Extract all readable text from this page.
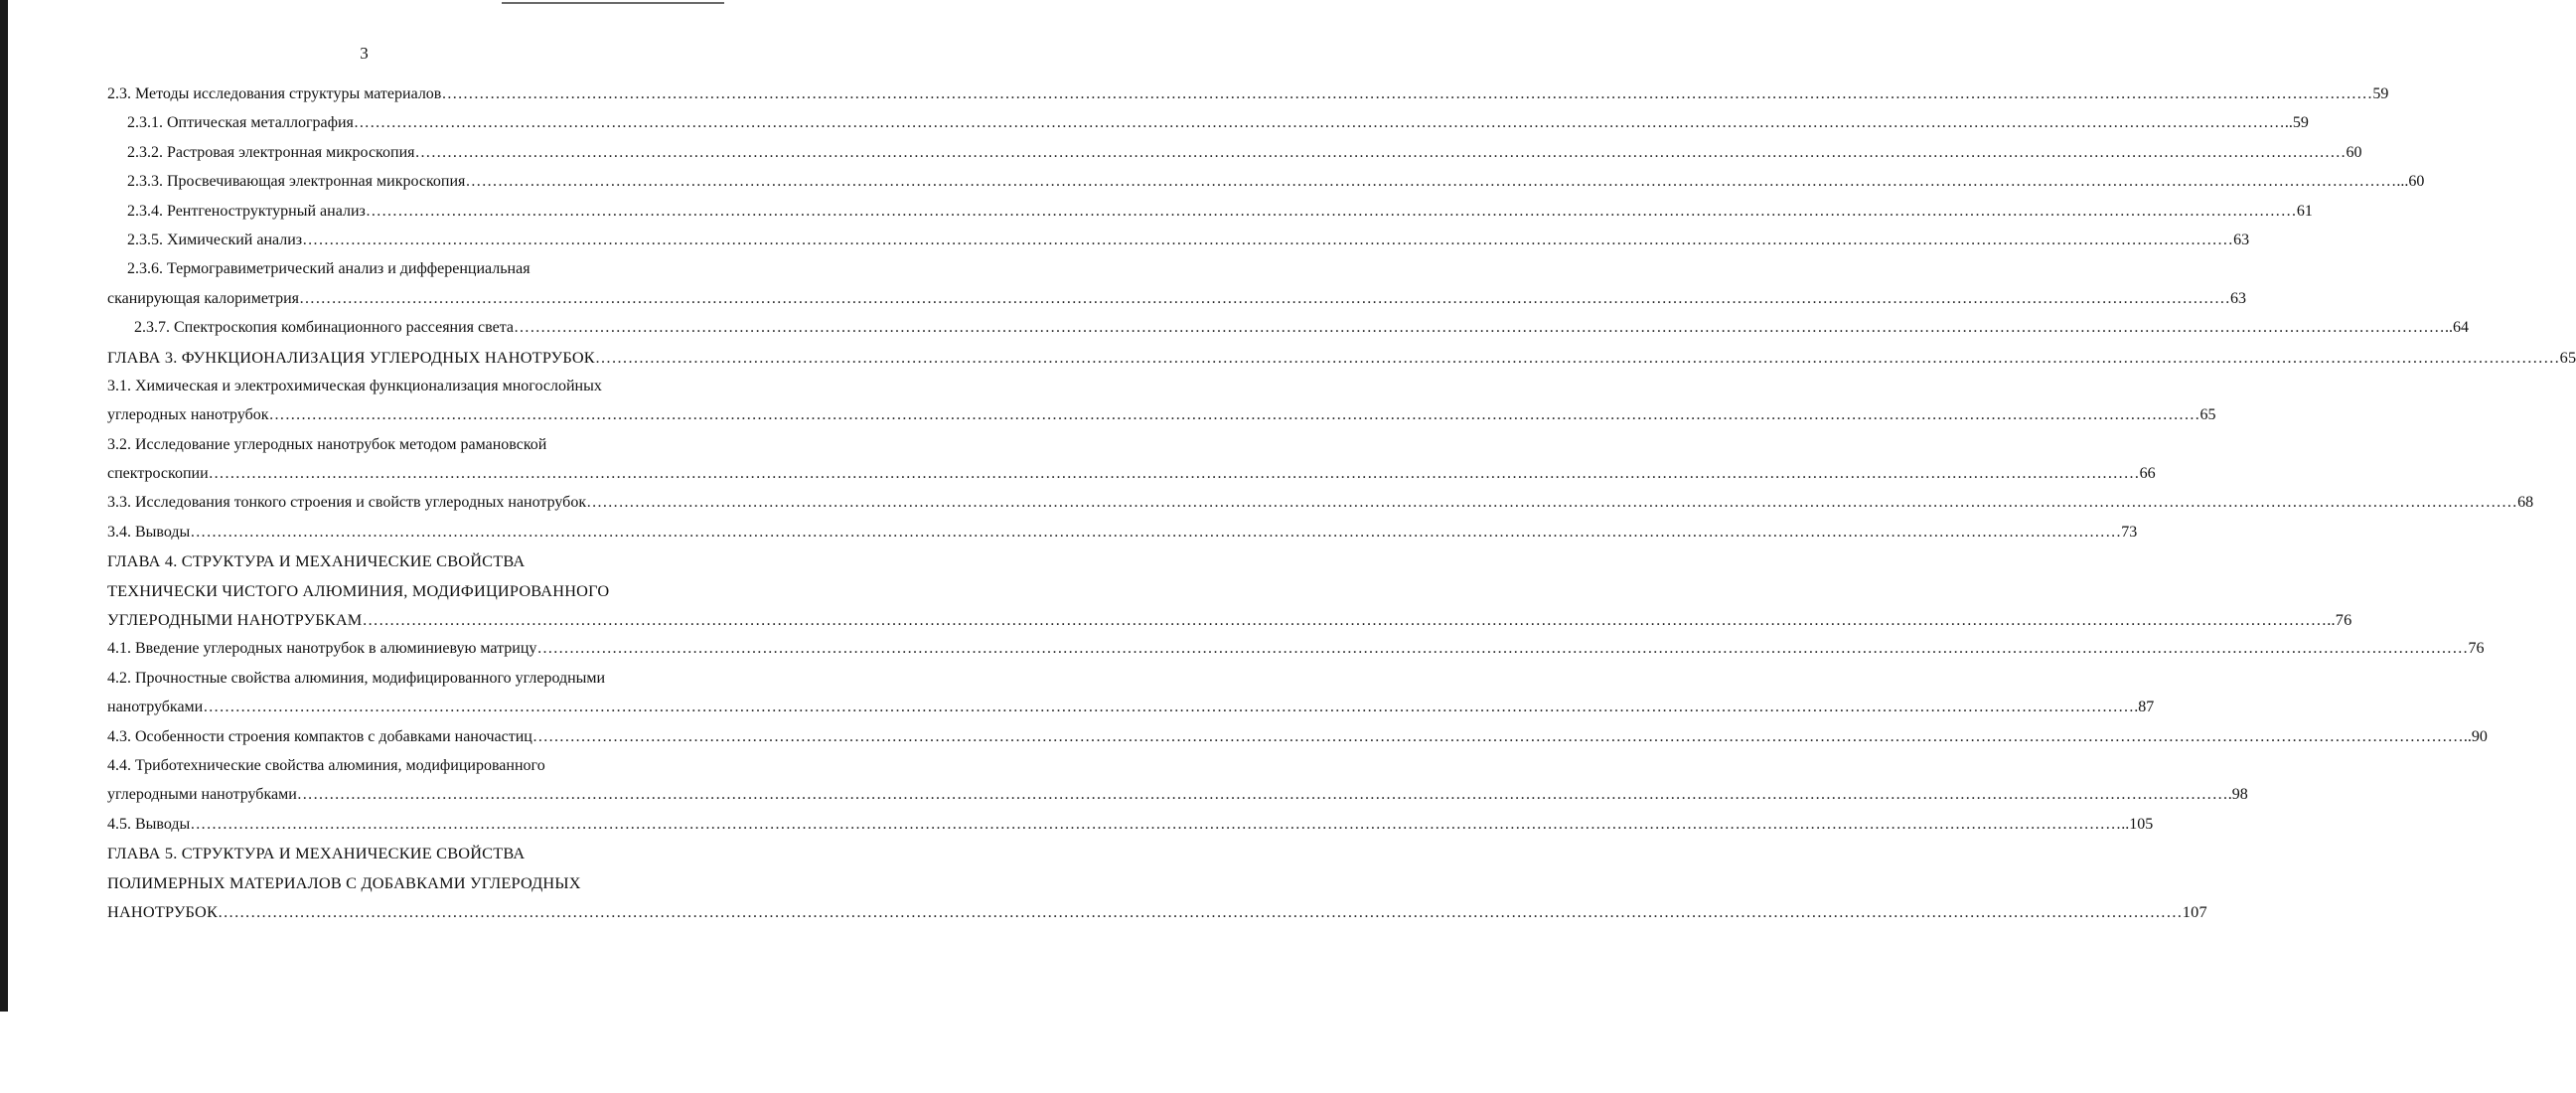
3
2.3. Методы исследования структуры материалов ……………………………………………………………………………………………………………………………………………………………………………………………………………………………………………………………………………………………………………………………… 59
2.3.1. Оптическая металлография ……………………………………………………………………………………………………………………………………………………………………………………………………………………………………………………………………………………………………………………………… ..59
2.3.2. Растровая электронная микроскопия ……………………………………………………………………………………………………………………………………………………………………………………………………………………………………………………………………………………………………………………………… 60
2.3.3. Просвечивающая электронная микроскопия ……………………………………………………………………………………………………………………………………………………………………………………………………………………………………………………………………………………………………………………………… ...60
2.3.4. Рентгеноструктурный анализ ……………………………………………………………………………………………………………………………………………………………………………………………………………………………………………………………………………………………………………………………… 61
2.3.5. Химический анализ ……………………………………………………………………………………………………………………………………………………………………………………………………………………………………………………………………………………………………………………………… 63
2.3.6. Термогравиметрический анализ и дифференциальная
сканирующая калориметрия ……………………………………………………………………………………………………………………………………………………………………………………………………………………………………………………………………………………………………………………………… 63
2.3.7. Спектроскопия комбинационного рассеяния света ……………………………………………………………………………………………………………………………………………………………………………………………………………………………………………………………………………………………………………………………… ..64
ГЛАВА 3. ФУНКЦИОНАЛИЗАЦИЯ УГЛЕРОДНЫХ НАНОТРУБОК ……………………………………………………………………………………………………………………………………………………………………………………………………………………………………………………………………………………………………………………………… 65
3.1. Химическая и электрохимическая функционализация многослойных
углеродных нанотрубок ……………………………………………………………………………………………………………………………………………………………………………………………………………………………………………………………………………………………………………………………… 65
3.2. Исследование углеродных нанотрубок методом рамановской
спектроскопии ……………………………………………………………………………………………………………………………………………………………………………………………………………………………………………………………………………………………………………………………… 66
3.3. Исследования тонкого строения и свойств углеродных нанотрубок ……………………………………………………………………………………………………………………………………………………………………………………………………………………………………………………………………………………………………………………………… 68
3.4. Выводы ……………………………………………………………………………………………………………………………………………………………………………………………………………………………………………………………………………………………………………………………… 73
ГЛАВА 4. СТРУКТУРА И МЕХАНИЧЕСКИЕ СВОЙСТВА
ТЕХНИЧЕСКИ ЧИСТОГО АЛЮМИНИЯ, МОДИФИЦИРОВАННОГО
УГЛЕРОДНЫМИ НАНОТРУБКАМ ……………………………………………………………………………………………………………………………………………………………………………………………………………………………………………………………………………………………………………………………… ..76
4.1. Введение углеродных нанотрубок в алюминиевую матрицу ……………………………………………………………………………………………………………………………………………………………………………………………………………………………………………………………………………………………………………………………… 76
4.2. Прочностные свойства алюминия, модифицированного углеродными
нанотрубками ……………………………………………………………………………………………………………………………………………………………………………………………………………………………………………………………………………………………………………………………… .87
4.3. Особенности строения компактов с добавками наночастиц ……………………………………………………………………………………………………………………………………………………………………………………………………………………………………………………………………………………………………………………………… ..90
4.4. Триботехнические свойства алюминия, модифицированного
углеродными нанотрубками ……………………………………………………………………………………………………………………………………………………………………………………………………………………………………………………………………………………………………………………………… .98
4.5. Выводы ……………………………………………………………………………………………………………………………………………………………………………………………………………………………………………………………………………………………………………………………… ..105
ГЛАВА 5. СТРУКТУРА И МЕХАНИЧЕСКИЕ СВОЙСТВА
ПОЛИМЕРНЫХ МАТЕРИАЛОВ С ДОБАВКАМИ УГЛЕРОДНЫХ
НАНОТРУБОК ……………………………………………………………………………………………………………………………………………………………………………………………………………………………………………………………………………………………………………………………… 107
